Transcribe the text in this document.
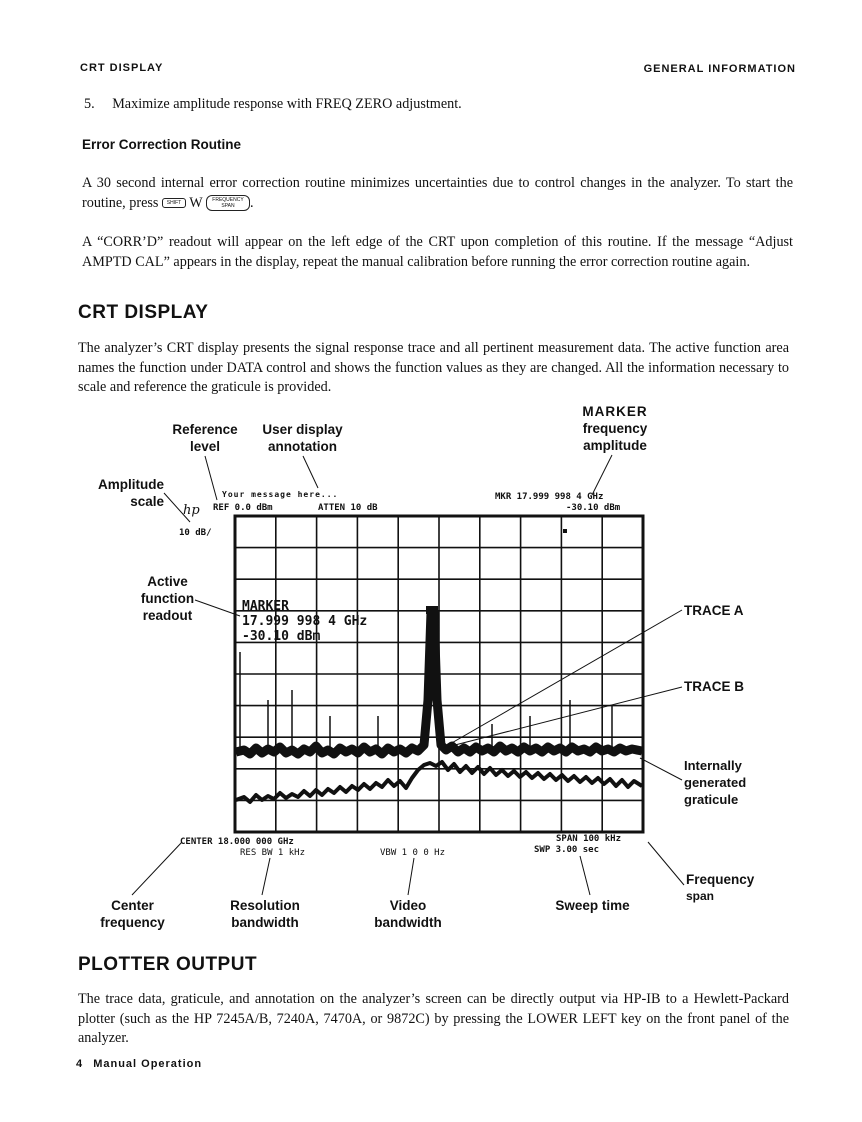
CRT DISPLAY	GENERAL INFORMATION
5. Maximize amplitude response with FREQ ZERO adjustment.
Error Correction Routine
A 30 second internal error correction routine minimizes uncertainties due to control changes in the analyzer. To start the routine, press SHIFT W FREQUENCY
SPAN .
A “CORR’D” readout will appear on the left edge of the CRT upon completion of this routine. If the message “Adjust AMPTD CAL” appears in the display, repeat the manual calibration before running the error correction routine again.
CRT DISPLAY
The analyzer’s CRT display presents the signal response trace and all pertinent measurement data. The active function area names the function under DATA control and shows the function values as they are changed. All the information necessary to scale and reference the graticule is provided.
MARKER
frequency
amplitude
Reference
level
User display
annotation
Amplitude
scale
Active
function
readout	TRACE A
TRACE B
Internally
generated
graticule
Frequency
span
Center
frequency
Resolution
bandwidth
Video
bandwidth
Sweep time
Your message here...
hp REF 0.0 dBm	ATTEN 10 dB
MKR 17.999 998 4 GHz
-30.10 dBm
10 dB/
MARKER
17.999 998 4 GHz
-30.10 dBm
CENTER 18.000 000 GHz	SPAN 100 kHz
RES BW 1 kHz	VBW 1 0 0 Hz	SWP 3.00 sec
PLOTTER OUTPUT
The trace data, graticule, and annotation on the analyzer’s screen can be directly output via HP-IB to a Hewlett-Packard plotter (such as the HP 7245A/B, 7240A, 7470A, or 9872C) by pressing the LOWER LEFT key on the front panel of the analyzer.
4 Manual Operation
